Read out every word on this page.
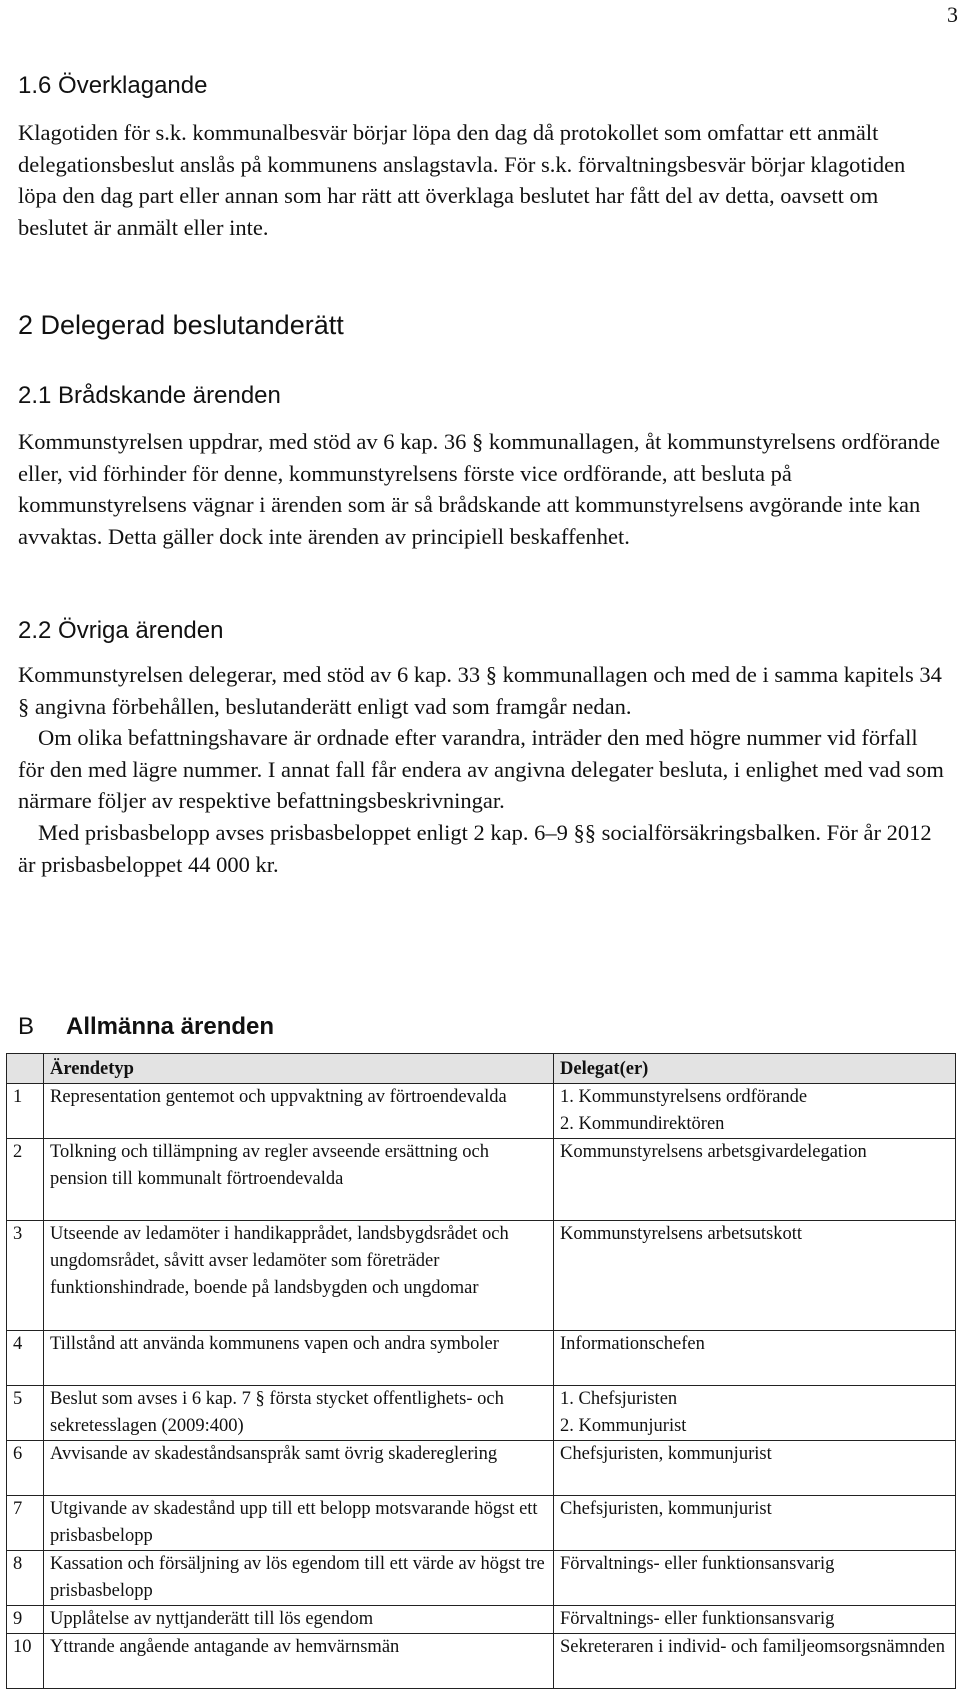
3
1.6 Överklagande

Klagotiden för s.k. kommunalbesvär börjar löpa den dag då protokollet som omfattar ett anmält delegationsbeslut anslås på kommunens anslagstavla. För s.k. förvaltningsbesvär börjar klagotiden löpa den dag part eller annan som har rätt att överklaga beslutet har fått del av detta, oavsett om beslutet är anmält eller inte.

2 Delegerad beslutanderätt
2.1 Brådskande ärenden

Kommunstyrelsen uppdrar, med stöd av 6 kap. 36 § kommunallagen, åt kommunstyrelsens ordförande eller, vid förhinder för denne, kommunstyrelsens förste vice ordförande, att besluta på kommunstyrelsens vägnar i ärenden som är så brådskande att kommunstyrelsens avgörande inte kan avvaktas. Detta gäller dock inte ärenden av principiell beskaffenhet.

2.2 Övriga ärenden

Kommunstyrelsen delegerar, med stöd av 6 kap. 33 § kommunallagen och med de i samma kapitels 34 § angivna förbehållen, beslutanderätt enligt vad som framgår nedan.

Om olika befattningshavare är ordnade efter varandra, inträder den med högre nummer vid förfall för den med lägre nummer. I annat fall får endera av angivna delegater besluta, i enlighet med vad som närmare följer av respektive befattningsbeskrivningar.

Med prisbasbelopp avses prisbasbeloppet enligt 2 kap. 6–9 §§ socialförsäkringsbalken. För år 2012 är prisbasbeloppet 44 000 kr.

B Allmänna ärenden
	Ärendetyp	Delegat(er)
1	Representation gentemot och uppvaktning av förtroendevalda	1. Kommunstyrelsens ordförande
2. Kommundirektören
2	Tolkning och tillämpning av regler avseende ersättning och pension till kommunalt förtroendevalda	Kommunstyrelsens arbetsgivardelegation
3	Utseende av ledamöter i handikapprådet, landsbygdsrådet och ungdomsrådet, såvitt avser ledamöter som företräder funktionshindrade, boende på landsbygden och ungdomar	Kommunstyrelsens arbetsutskott
4	Tillstånd att använda kommunens vapen och andra symboler	Informationschefen
5	Beslut som avses i 6 kap. 7 § första stycket offentlighets- och sekretesslagen (2009:400)	1. Chefsjuristen
2. Kommunjurist
6	Avvisande av skadeståndsanspråk samt övrig skadereglering	Chefsjuristen, kommunjurist
7	Utgivande av skadestånd upp till ett belopp motsvarande högst ett prisbasbelopp	Chefsjuristen, kommunjurist
8	Kassation och försäljning av lös egendom till ett värde av högst tre prisbasbelopp	Förvaltnings- eller funktionsansvarig
9	Upplåtelse av nyttjanderätt till lös egendom	Förvaltnings- eller funktionsansvarig
10	Yttrande angående antagande av hemvärnsmän	Sekreteraren i individ- och familjeomsorgsnämnden
